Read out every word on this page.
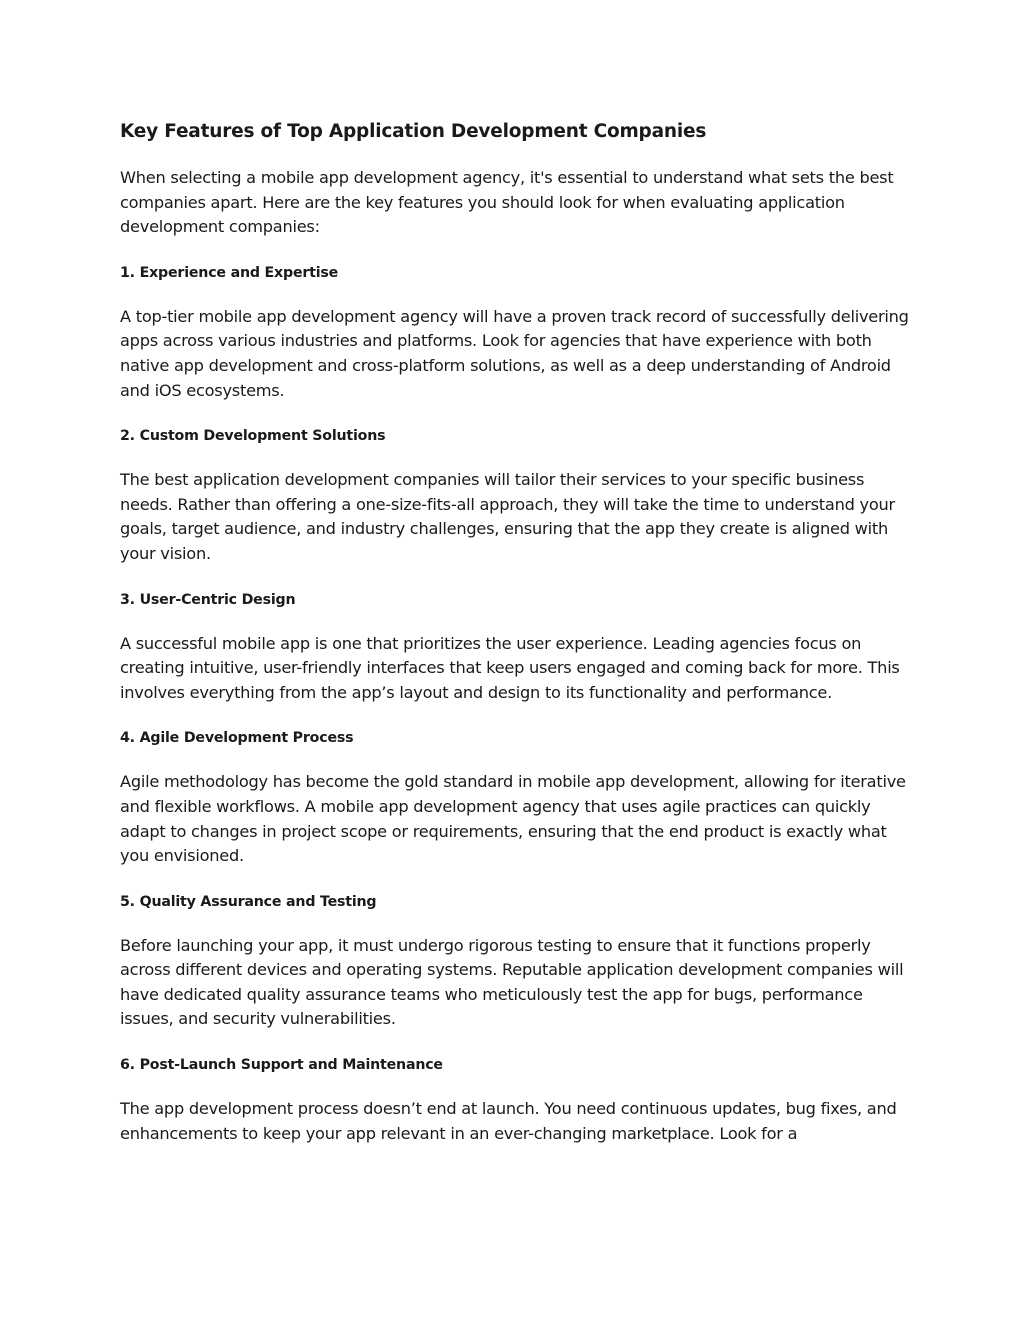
Key Features of Top Application Development Companies

When selecting a mobile app development agency, it's essential to understand what sets the best companies apart. Here are the key features you should look for when evaluating application development companies:

1. Experience and Expertise

A top-tier mobile app development agency will have a proven track record of successfully delivering apps across various industries and platforms. Look for agencies that have experience with both native app development and cross-platform solutions, as well as a deep understanding of Android and iOS ecosystems.

2. Custom Development Solutions

The best application development companies will tailor their services to your specific business needs. Rather than offering a one-size-fits-all approach, they will take the time to understand your goals, target audience, and industry challenges, ensuring that the app they create is aligned with your vision.

3. User-Centric Design

A successful mobile app is one that prioritizes the user experience. Leading agencies focus on creating intuitive, user-friendly interfaces that keep users engaged and coming back for more. This involves everything from the app’s layout and design to its functionality and performance.

4. Agile Development Process

Agile methodology has become the gold standard in mobile app development, allowing for iterative and flexible workflows. A mobile app development agency that uses agile practices can quickly adapt to changes in project scope or requirements, ensuring that the end product is exactly what you envisioned.

5. Quality Assurance and Testing

Before launching your app, it must undergo rigorous testing to ensure that it functions properly across different devices and operating systems. Reputable application development companies will have dedicated quality assurance teams who meticulously test the app for bugs, performance issues, and security vulnerabilities.

6. Post-Launch Support and Maintenance

The app development process doesn’t end at launch. You need continuous updates, bug fixes, and enhancements to keep your app relevant in an ever-changing marketplace. Look for a
